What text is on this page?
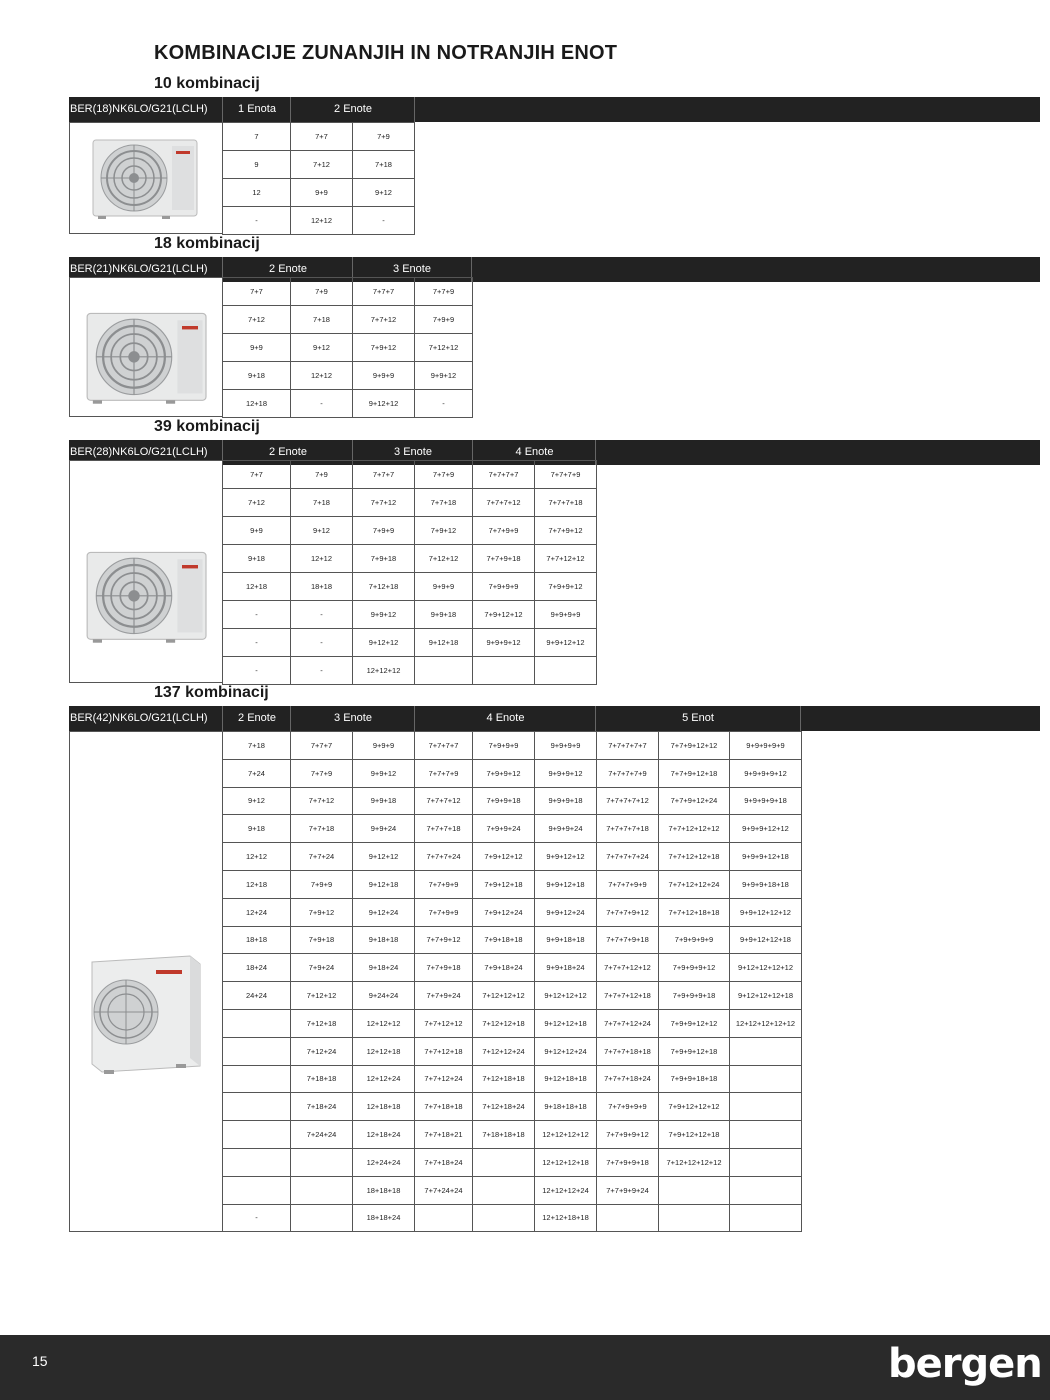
KOMBINACIJE ZUNANJIH IN NOTRANJIH ENOT
10 kombinacij
BER(18)NK6LO/G21(LCLH)	1 Enota	2 Enote
7	7+7	7+9
9	7+12	7+18
12	9+9	9+12
-	12+12	-
18 kombinacij
BER(21)NK6LO/G21(LCLH)	2 Enote	3 Enote
7+7	7+9	7+7+7	7+7+9
7+12	7+18	7+7+12	7+9+9
9+9	9+12	7+9+12	7+12+12
9+18	12+12	9+9+9	9+9+12
12+18	-	9+12+12	-
39 kombinacij
BER(28)NK6LO/G21(LCLH)	2 Enote	3 Enote	4 Enote
7+7	7+9	7+7+7	7+7+9	7+7+7+7	7+7+7+9
7+12	7+18	7+7+12	7+7+18	7+7+7+12	7+7+7+18
9+9	9+12	7+9+9	7+9+12	7+7+9+9	7+7+9+12
9+18	12+12	7+9+18	7+12+12	7+7+9+18	7+7+12+12
12+18	18+18	7+12+18	9+9+9	7+9+9+9	7+9+9+12
-	-	9+9+12	9+9+18	7+9+12+12	9+9+9+9
-	-	9+12+12	9+12+18	9+9+9+12	9+9+12+12
-	-	12+12+12			
137 kombinacij
BER(42)NK6LO/G21(LCLH)	2 Enote	3 Enote	4 Enote	5 Enot
7+18	7+7+7	9+9+9	7+7+7+7	7+9+9+9	9+9+9+9	7+7+7+7+7	7+7+9+12+12	9+9+9+9+9
7+24	7+7+9	9+9+12	7+7+7+9	7+9+9+12	9+9+9+12	7+7+7+7+9	7+7+9+12+18	9+9+9+9+12
9+12	7+7+12	9+9+18	7+7+7+12	7+9+9+18	9+9+9+18	7+7+7+7+12	7+7+9+12+24	9+9+9+9+18
9+18	7+7+18	9+9+24	7+7+7+18	7+9+9+24	9+9+9+24	7+7+7+7+18	7+7+12+12+12	9+9+9+12+12
12+12	7+7+24	9+12+12	7+7+7+24	7+9+12+12	9+9+12+12	7+7+7+7+24	7+7+12+12+18	9+9+9+12+18
12+18	7+9+9	9+12+18	7+7+9+9	7+9+12+18	9+9+12+18	7+7+7+9+9	7+7+12+12+24	9+9+9+18+18
12+24	7+9+12	9+12+24	7+7+9+9	7+9+12+24	9+9+12+24	7+7+7+9+12	7+7+12+18+18	9+9+12+12+12
18+18	7+9+18	9+18+18	7+7+9+12	7+9+18+18	9+9+18+18	7+7+7+9+18	7+9+9+9+9	9+9+12+12+18
18+24	7+9+24	9+18+24	7+7+9+18	7+9+18+24	9+9+18+24	7+7+7+12+12	7+9+9+9+12	9+12+12+12+12
24+24	7+12+12	9+24+24	7+7+9+24	7+12+12+12	9+12+12+12	7+7+7+12+18	7+9+9+9+18	9+12+12+12+18
	7+12+18	12+12+12	7+7+12+12	7+12+12+18	9+12+12+18	7+7+7+12+24	7+9+9+12+12	12+12+12+12+12
	7+12+24	12+12+18	7+7+12+18	7+12+12+24	9+12+12+24	7+7+7+18+18	7+9+9+12+18	
	7+18+18	12+12+24	7+7+12+24	7+12+18+18	9+12+18+18	7+7+7+18+24	7+9+9+18+18	
	7+18+24	12+18+18	7+7+18+18	7+12+18+24	9+18+18+18	7+7+9+9+9	7+9+12+12+12	
	7+24+24	12+18+24	7+7+18+21	7+18+18+18	12+12+12+12	7+7+9+9+12	7+9+12+12+18	
		12+24+24	7+7+18+24		12+12+12+18	7+7+9+9+18	7+12+12+12+12	
		18+18+18	7+7+24+24		12+12+12+24	7+7+9+9+24		
-		18+18+24			12+12+18+18			
15	bergen
